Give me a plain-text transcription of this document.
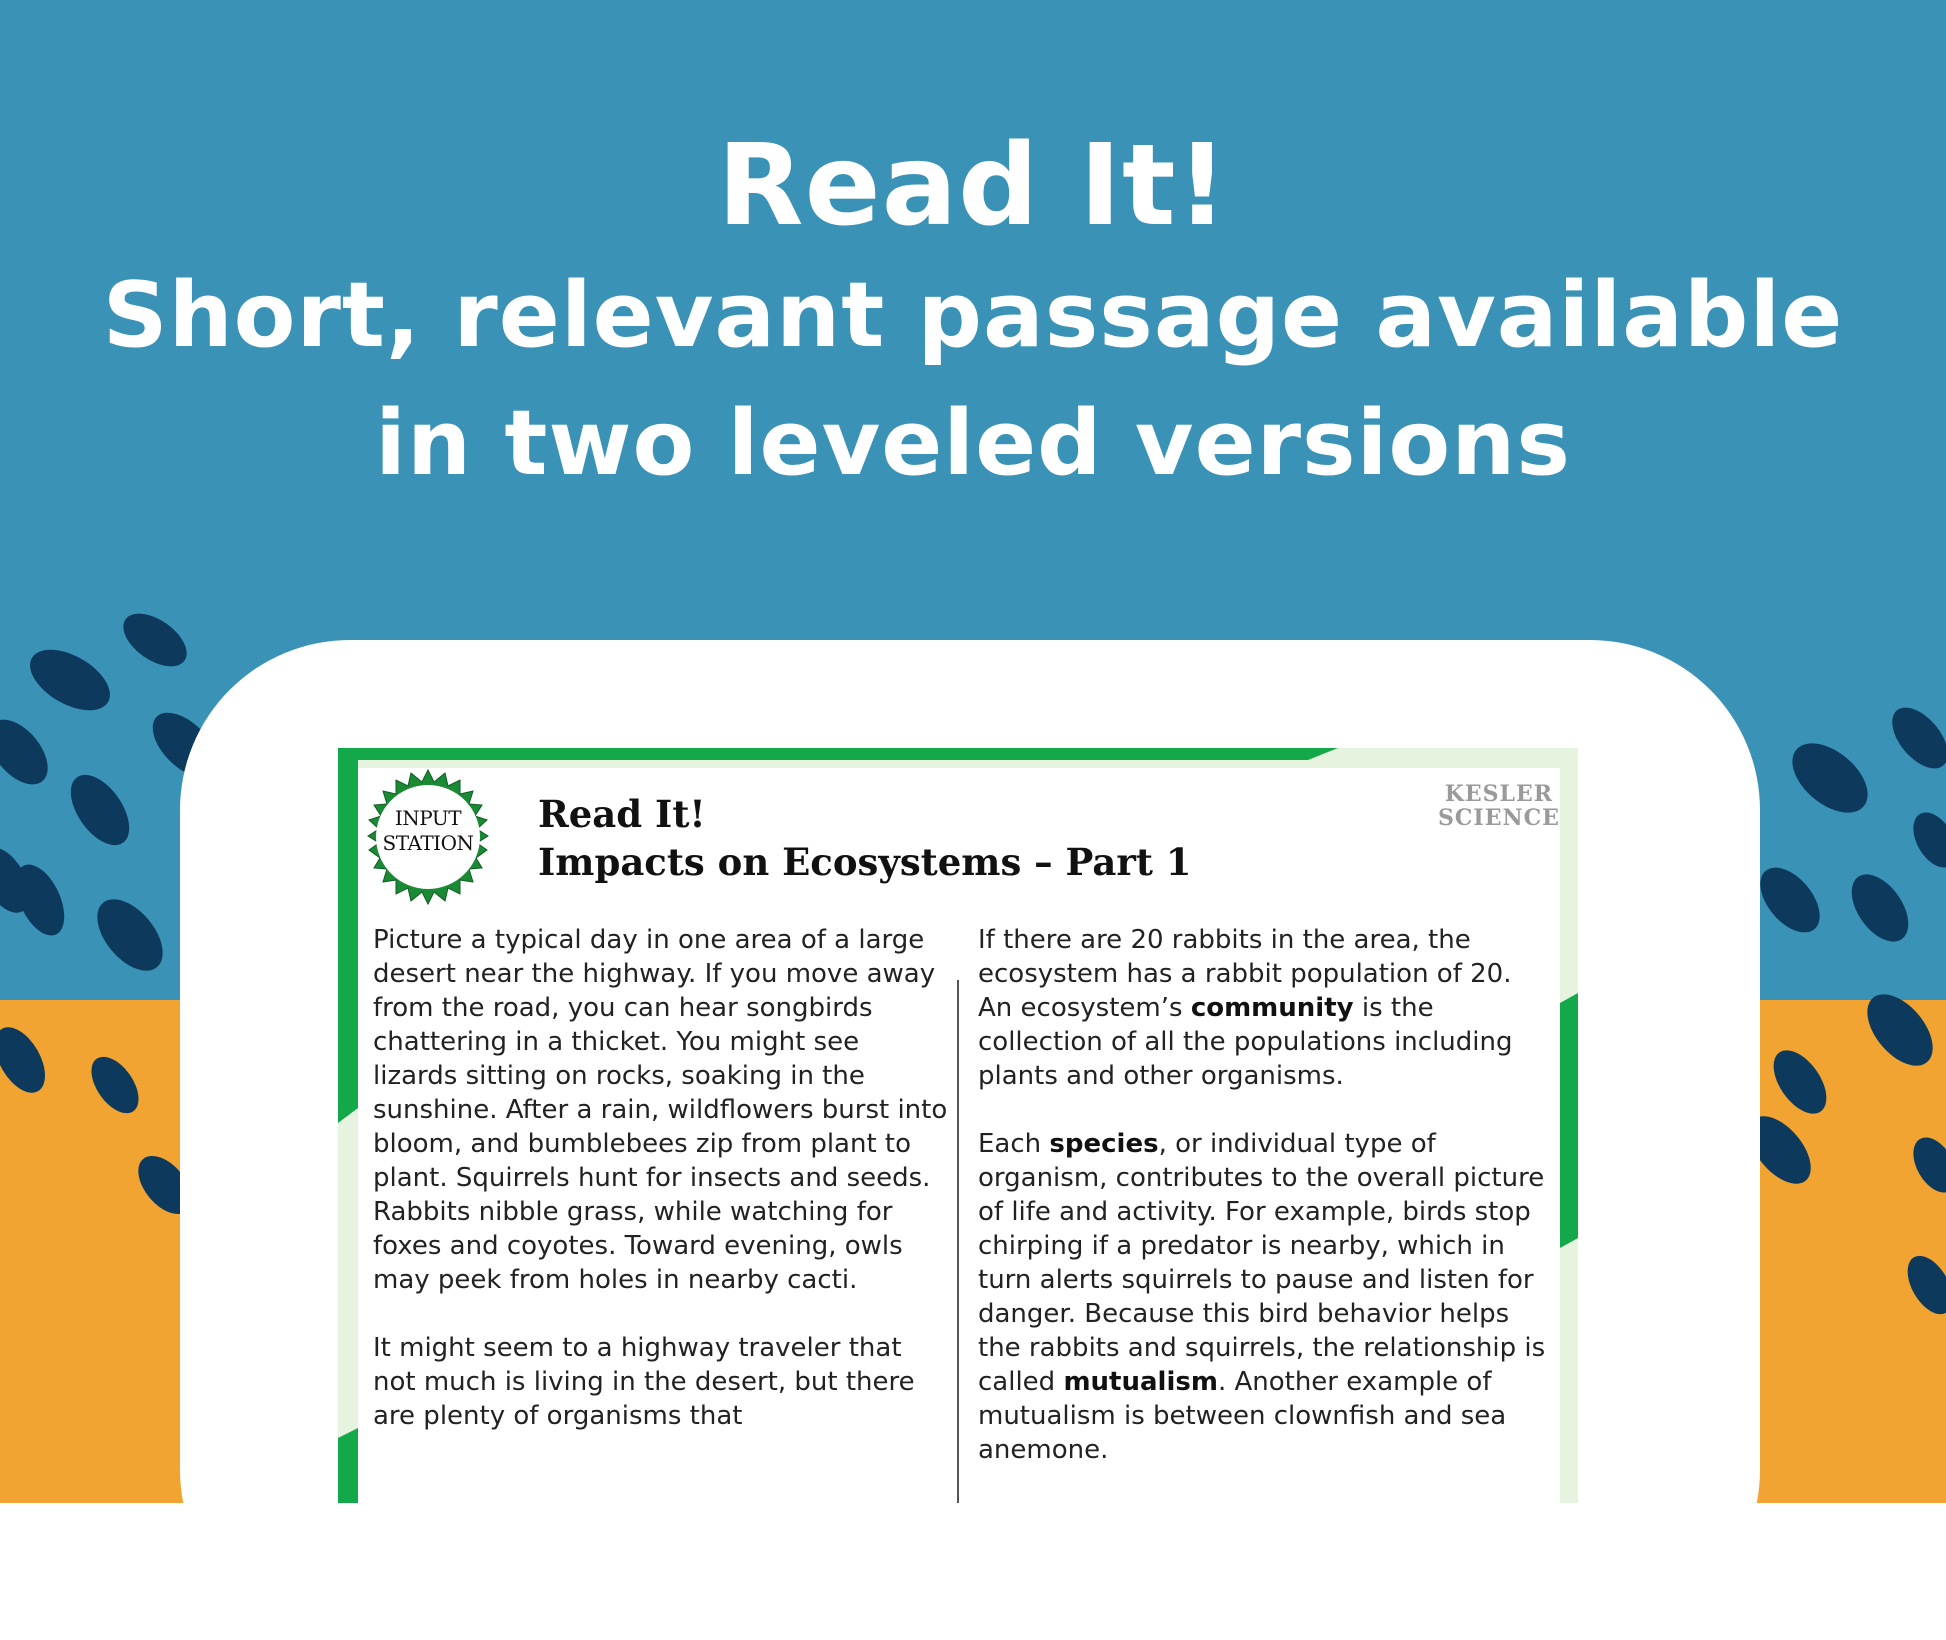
Read It!
Short, relevant passage available
in two leveled versions
INPUT
STATION
Read It!
Impacts on Ecosystems – Part 1
KESLER
SCIENCE

Picture a typical day in one area of a large desert near the highway. If you move away from the road, you can hear songbirds chattering in a thicket. You might see lizards sitting on rocks, soaking in the sunshine. After a rain, wildflowers burst into bloom, and bumblebees zip from plant to plant. Squirrels hunt for insects and seeds. Rabbits nibble grass, while watching for foxes and coyotes. Toward evening, owls may peek from holes in nearby cacti.

It might seem to a highway traveler that not much is living in the desert, but there are plenty of organisms that

If there are 20 rabbits in the area, the ecosystem has a rabbit population of 20. An ecosystem’s community is the collection of all the populations including plants and other organisms.

Each species, or individual type of organism, contributes to the overall picture of life and activity. For example, birds stop chirping if a predator is nearby, which in turn alerts squirrels to pause and listen for danger. Because this bird behavior helps the rabbits and squirrels, the relationship is called mutualism. Another example of mutualism is between clownfish and sea anemone.
